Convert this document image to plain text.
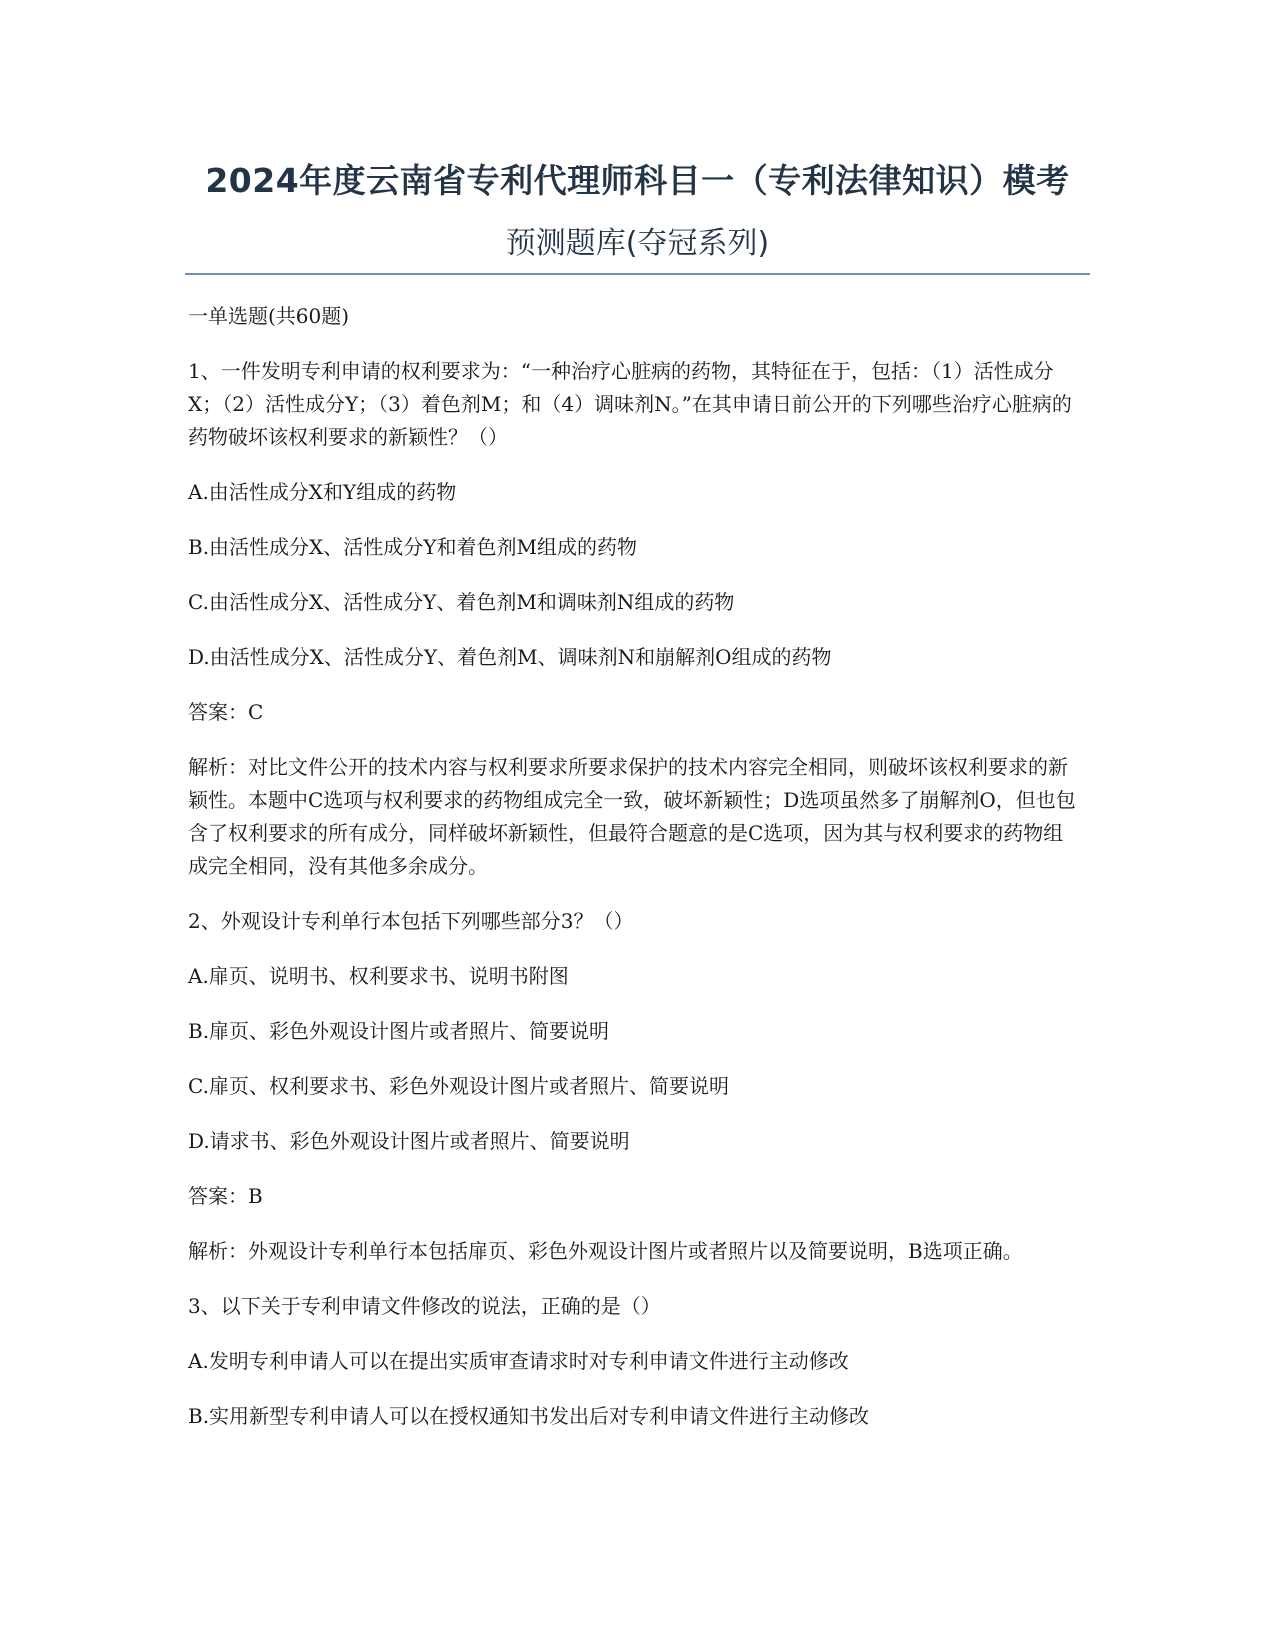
2024年度云南省专利代理师科目一（专利法律知识）模考
预测题库(夺冠系列)

一单选题(共60题)

1、一件发明专利申请的权利要求为：“一种治疗心脏病的药物，其特征在于，包括：（1）活性成分X；（2）活性成分Y；（3）着色剂M；和（4）调味剂N。”在其申请日前公开的下列哪些治疗心脏病的药物破坏该权利要求的新颖性？（）

A.由活性成分X和Y组成的药物

B.由活性成分X、活性成分Y和着色剂M组成的药物

C.由活性成分X、活性成分Y、着色剂M和调味剂N组成的药物

D.由活性成分X、活性成分Y、着色剂M、调味剂N和崩解剂O组成的药物

答案：C

解析：对比文件公开的技术内容与权利要求所要求保护的技术内容完全相同，则破坏该权利要求的新颖性。本题中C选项与权利要求的药物组成完全一致，破坏新颖性；D选项虽然多了崩解剂O，但也包含了权利要求的所有成分，同样破坏新颖性，但最符合题意的是C选项，因为其与权利要求的药物组成完全相同，没有其他多余成分。

2、外观设计专利单行本包括下列哪些部分3？（）

A.扉页、说明书、权利要求书、说明书附图

B.扉页、彩色外观设计图片或者照片、简要说明

C.扉页、权利要求书、彩色外观设计图片或者照片、简要说明

D.请求书、彩色外观设计图片或者照片、简要说明

答案：B

解析：外观设计专利单行本包括扉页、彩色外观设计图片或者照片以及简要说明，B选项正确。

3、以下关于专利申请文件修改的说法，正确的是（）

A.发明专利申请人可以在提出实质审查请求时对专利申请文件进行主动修改

B.实用新型专利申请人可以在授权通知书发出后对专利申请文件进行主动修改
